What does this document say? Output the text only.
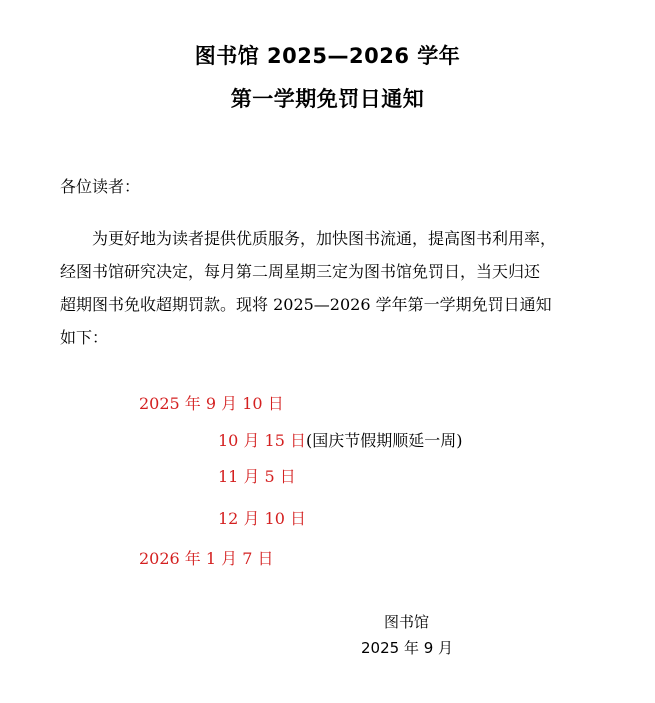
图书馆 2025—2026 学年
第一学期免罚日通知
各位读者：
为更好地为读者提供优质服务，加快图书流通，提高图书利用率，
经图书馆研究决定，每月第二周星期三定为图书馆免罚日，当天归还
超期图书免收超期罚款。现将 2025—2026 学年第一学期免罚日通知
如下：
2025 年 9 月 10 日
10 月 15 日(国庆节假期顺延一周)
11 月 5 日
12 月 10 日
2026 年 1 月 7 日
图书馆
2025 年 9 月
